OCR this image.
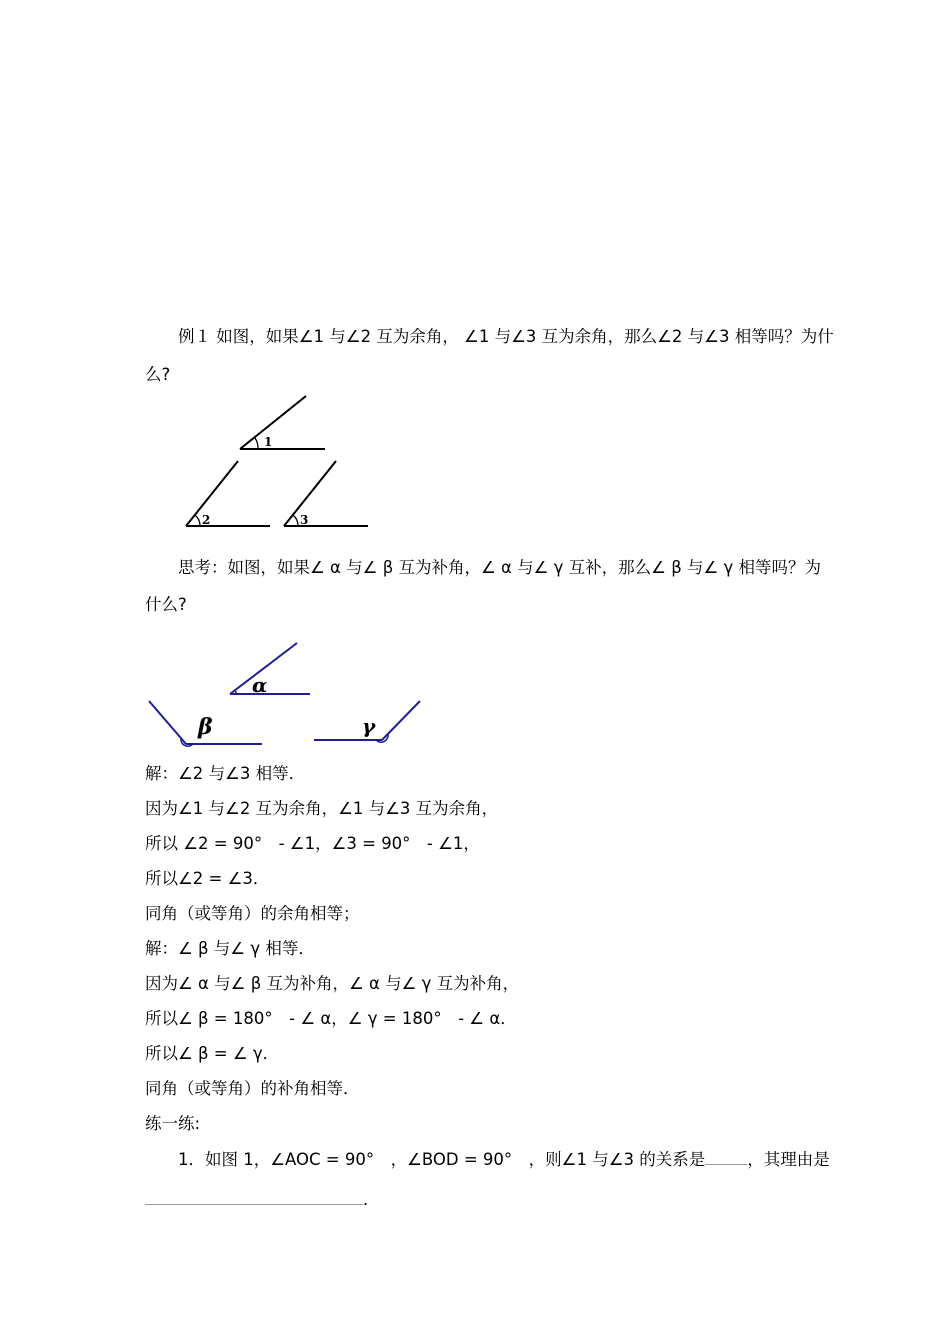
例１ 如图，如果∠1 与∠2 互为余角， ∠1 与∠3 互为余角，那么∠2 与∠3 相等吗？为什
么?
1
2	3
思考：如图，如果∠ α 与∠ β 互为补角，∠ α 与∠ γ 互补，那么∠ β 与∠ γ 相等吗？为
什么?
α
β	γ
解：∠2 与∠3 相等．
因为∠1 与∠2 互为余角，∠1 与∠3 互为余角，
所以 ∠2 = 90°　- ∠1，∠3 = 90°　- ∠1，
所以∠2 = ∠3．
同角（或等角）的余角相等；
解：∠ β 与∠ γ 相等．
因为∠ α 与∠ β 互为补角，∠ α 与∠ γ 互为补角，
所以∠ β = 180°　- ∠ α，∠ γ = 180°　- ∠ α．
所以∠ β = ∠ γ．
同角（或等角）的补角相等．
练一练:
1．如图 1，∠AOC = 90°　，∠BOD = 90°　，则∠1 与∠3 的关系是	，其理由是
.
